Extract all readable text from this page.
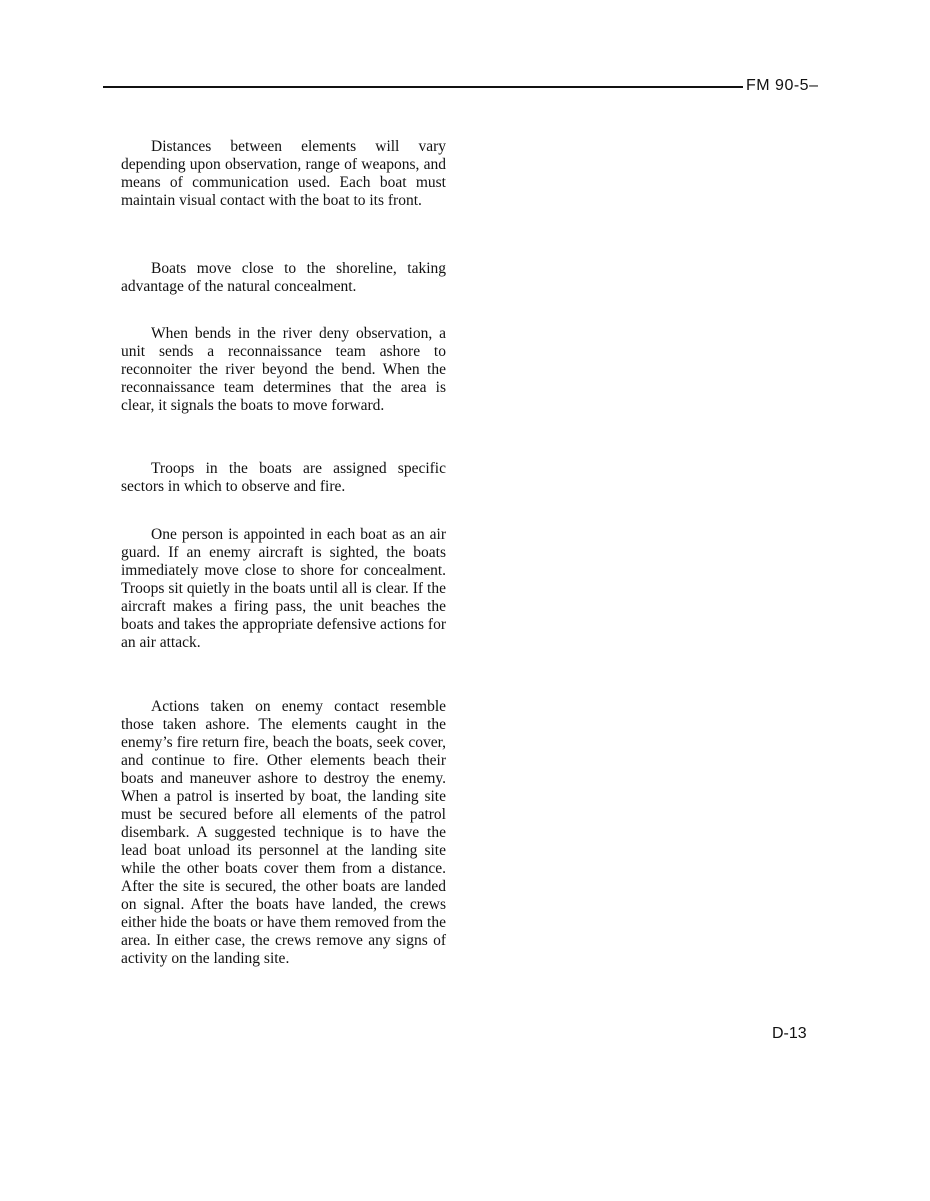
FM 90-5–

Distances between elements will vary depending upon observation, range of weapons, and means of communication used. Each boat must maintain visual contact with the boat to its front.

Boats move close to the shoreline, taking advantage of the natural concealment.

When bends in the river deny observation, a unit sends a reconnaissance team ashore to reconnoiter the river beyond the bend. When the reconnaissance team determines that the area is clear, it signals the boats to move forward.

Troops in the boats are assigned specific sectors in which to observe and fire.

One person is appointed in each boat as an air guard. If an enemy aircraft is sighted, the boats immediately move close to shore for concealment. Troops sit quietly in the boats until all is clear. If the aircraft makes a firing pass, the unit beaches the boats and takes the appropriate defensive actions for an air attack.

Actions taken on enemy contact resemble those taken ashore. The elements caught in the enemy’s fire return fire, beach the boats, seek cover, and continue to fire. Other elements beach their boats and maneuver ashore to destroy the enemy. When a patrol is inserted by boat, the landing site must be secured before all elements of the patrol disembark. A suggested technique is to have the lead boat unload its personnel at the landing site while the other boats cover them from a distance. After the site is secured, the other boats are landed on signal. After the boats have landed, the crews either hide the boats or have them removed from the area. In either case, the crews remove any signs of activity on the landing site.

D-13
